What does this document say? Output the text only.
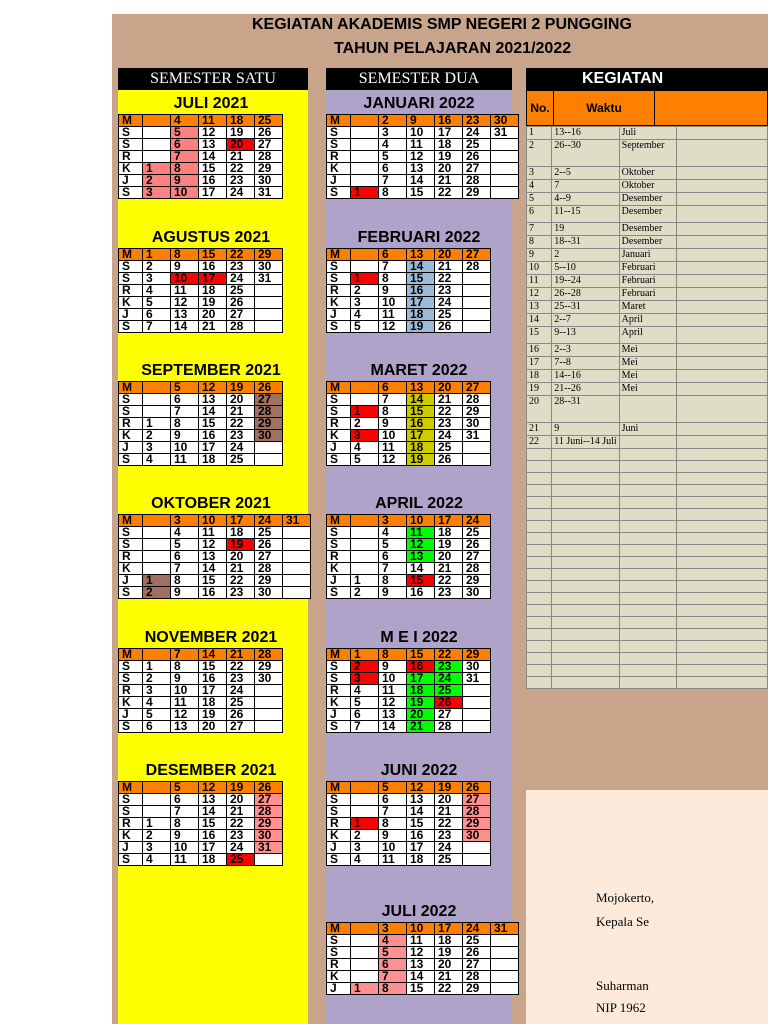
KEGIATAN AKADEMIS SMP NEGERI 2 PUNGGING
TAHUN PELAJARAN 2021/2022
SEMESTER SATU	SEMESTER DUA
JULI 2021
M		4	11	18	25
S		5	12	19	26
S		6	13	20	27
R		7	14	21	28
K	1	8	15	22	29
J	2	9	16	23	30
S	3	10	17	24	31
JANUARI 2022
M		2	9	16	23	30
S		3	10	17	24	31
S		4	11	18	25	
R		5	12	19	26	
K		6	13	20	27	
J		7	14	21	28	
S	1	8	15	22	29	
AGUSTUS 2021
M	1	8	15	22	29
S	2	9	16	23	30
S	3	10	17	24	31
R	4	11	18	25	
K	5	12	19	26	
J	6	13	20	27	
S	7	14	21	28	
FEBRUARI 2022
M		6	13	20	27
S		7	14	21	28
S	1	8	15	22	
R	2	9	16	23	
K	3	10	17	24	
J	4	11	18	25	
S	5	12	19	26	
SEPTEMBER 2021
M		5	12	19	26
S		6	13	20	27
S		7	14	21	28
R	1	8	15	22	29
K	2	9	16	23	30
J	3	10	17	24	
S	4	11	18	25	
MARET 2022
M		6	13	20	27
S		7	14	21	28
S	1	8	15	22	29
R	2	9	16	23	30
K	3	10	17	24	31
J	4	11	18	25	
S	5	12	19	26	
OKTOBER 2021
M		3	10	17	24	31
S		4	11	18	25	
S		5	12	19	26	
R		6	13	20	27	
K		7	14	21	28	
J	1	8	15	22	29	
S	2	9	16	23	30	
APRIL 2022
M		3	10	17	24
S		4	11	18	25
S		5	12	19	26
R		6	13	20	27
K		7	14	21	28
J	1	8	15	22	29
S	2	9	16	23	30
NOVEMBER 2021
M		7	14	21	28
S	1	8	15	22	29
S	2	9	16	23	30
R	3	10	17	24	
K	4	11	18	25	
J	5	12	19	26	
S	6	13	20	27	
M E I 2022
M	1	8	15	22	29
S	2	9	16	23	30
S	3	10	17	24	31
R	4	11	18	25	
K	5	12	19	26	
J	6	13	20	27	
S	7	14	21	28	
DESEMBER 2021
M		5	12	19	26
S		6	13	20	27
S		7	14	21	28
R	1	8	15	22	29
K	2	9	16	23	30
J	3	10	17	24	31
S	4	11	18	25	
JUNI 2022
M		5	12	19	26
S		6	13	20	27
S		7	14	21	28
R	1	8	15	22	29
K	2	9	16	23	30
J	3	10	17	24	
S	4	11	18	25	
JULI 2022
M		3	10	17	24	31
S		4	11	18	25	
S		5	12	19	26	
R		6	13	20	27	
K		7	14	21	28	
J	1	8	15	22	29	
KEGIATAN
No.	Waktu
1	13--16	Juli	
2	26--30	September	
3	2--5	Oktober	
4	7	Oktober	
5	4--9	Desember	
6	11--15	Desember	
7	19	Desember	
8	18--31	Desember	
9	2	Januari	
10	5--10	Februari	
11	19--24	Februari	
12	26--28	Februari	
13	25--31	Maret	
14	2--7	April	
15	9--13	April	
16	2--3	Mei	
17	7--8	Mei	
18	14--16	Mei	
19	21--26	Mei	
20	28--31		
21	9	Juni	
22	11 Juni--14 Juli		

Mojokerto,
Kepala Se
Suharman
NIP 1962
